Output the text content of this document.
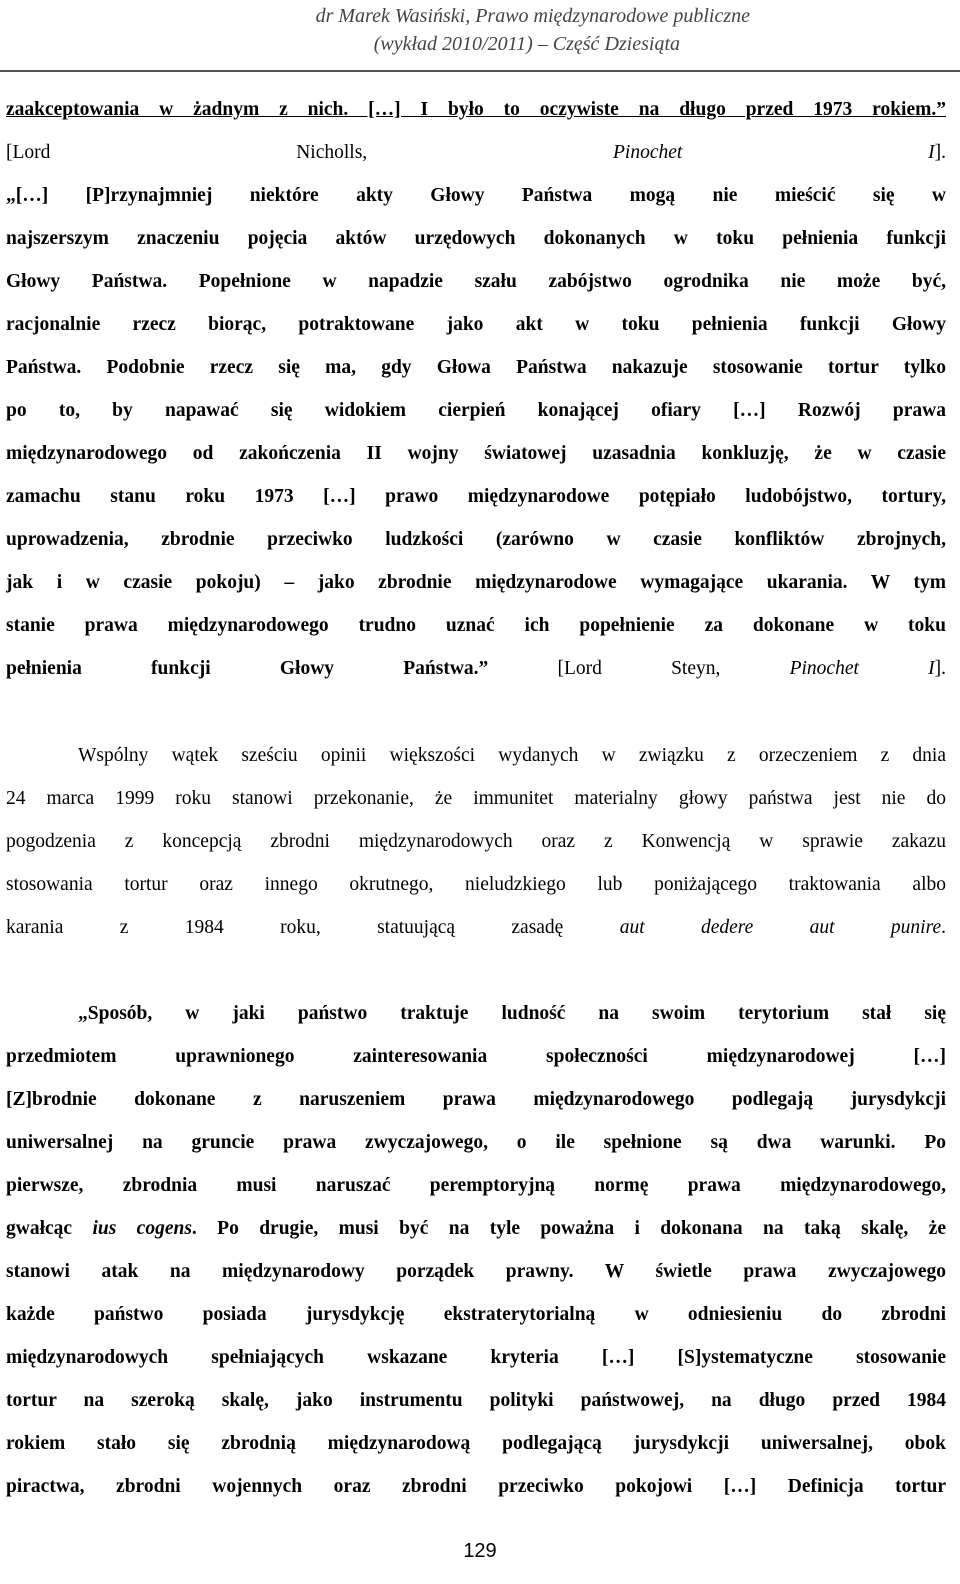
dr Marek Wasiński, Prawo międzynarodowe publiczne
(wykład 2010/2011) – Część Dziesiąta
zaakceptowania w żadnym z nich. […] I było to oczywiste na długo przed 1973 rokiem.”
[Lord Nicholls, Pinochet I].
„[…] [P]rzynajmniej niektóre akty Głowy Państwa mogą nie mieścić się w
najszerszym znaczeniu pojęcia aktów urzędowych dokonanych w toku pełnienia funkcji
Głowy Państwa. Popełnione w napadzie szału zabójstwo ogrodnika nie może być,
racjonalnie rzecz biorąc, potraktowane jako akt w toku pełnienia funkcji Głowy
Państwa. Podobnie rzecz się ma, gdy Głowa Państwa nakazuje stosowanie tortur tylko
po to, by napawać się widokiem cierpień konającej ofiary […] Rozwój prawa
międzynarodowego od zakończenia II wojny światowej uzasadnia konkluzję, że w czasie
zamachu stanu roku 1973 […] prawo międzynarodowe potępiało ludobójstwo, tortury,
uprowadzenia, zbrodnie przeciwko ludzkości (zarówno w czasie konfliktów zbrojnych,
jak i w czasie pokoju) – jako zbrodnie międzynarodowe wymagające ukarania. W tym
stanie prawa międzynarodowego trudno uznać ich popełnienie za dokonane w toku
pełnienia funkcji Głowy Państwa.” [Lord Steyn, Pinochet I].
Wspólny wątek sześciu opinii większości wydanych w związku z orzeczeniem z dnia
24 marca 1999 roku stanowi przekonanie, że immunitet materialny głowy państwa jest nie do
pogodzenia z koncepcją zbrodni międzynarodowych oraz z Konwencją w sprawie zakazu
stosowania tortur oraz innego okrutnego, nieludzkiego lub poniżającego traktowania albo
karania z 1984 roku, statuującą zasadę aut dedere aut punire.
„Sposób, w jaki państwo traktuje ludność na swoim terytorium stał się
przedmiotem uprawnionego zainteresowania społeczności międzynarodowej […]
[Z]brodnie dokonane z naruszeniem prawa międzynarodowego podlegają jurysdykcji
uniwersalnej na gruncie prawa zwyczajowego, o ile spełnione są dwa warunki. Po
pierwsze, zbrodnia musi naruszać peremptoryjną normę prawa międzynarodowego,
gwałcąc ius cogens. Po drugie, musi być na tyle poważna i dokonana na taką skalę, że
stanowi atak na międzynarodowy porządek prawny. W świetle prawa zwyczajowego
każde państwo posiada jurysdykcję ekstraterytorialną w odniesieniu do zbrodni
międzynarodowych spełniających wskazane kryteria […] [S]ystematyczne stosowanie
tortur na szeroką skalę, jako instrumentu polityki państwowej, na długo przed 1984
rokiem stało się zbrodnią międzynarodową podlegającą jurysdykcji uniwersalnej, obok
piractwa, zbrodni wojennych oraz zbrodni przeciwko pokojowi […] Definicja tortur
129
